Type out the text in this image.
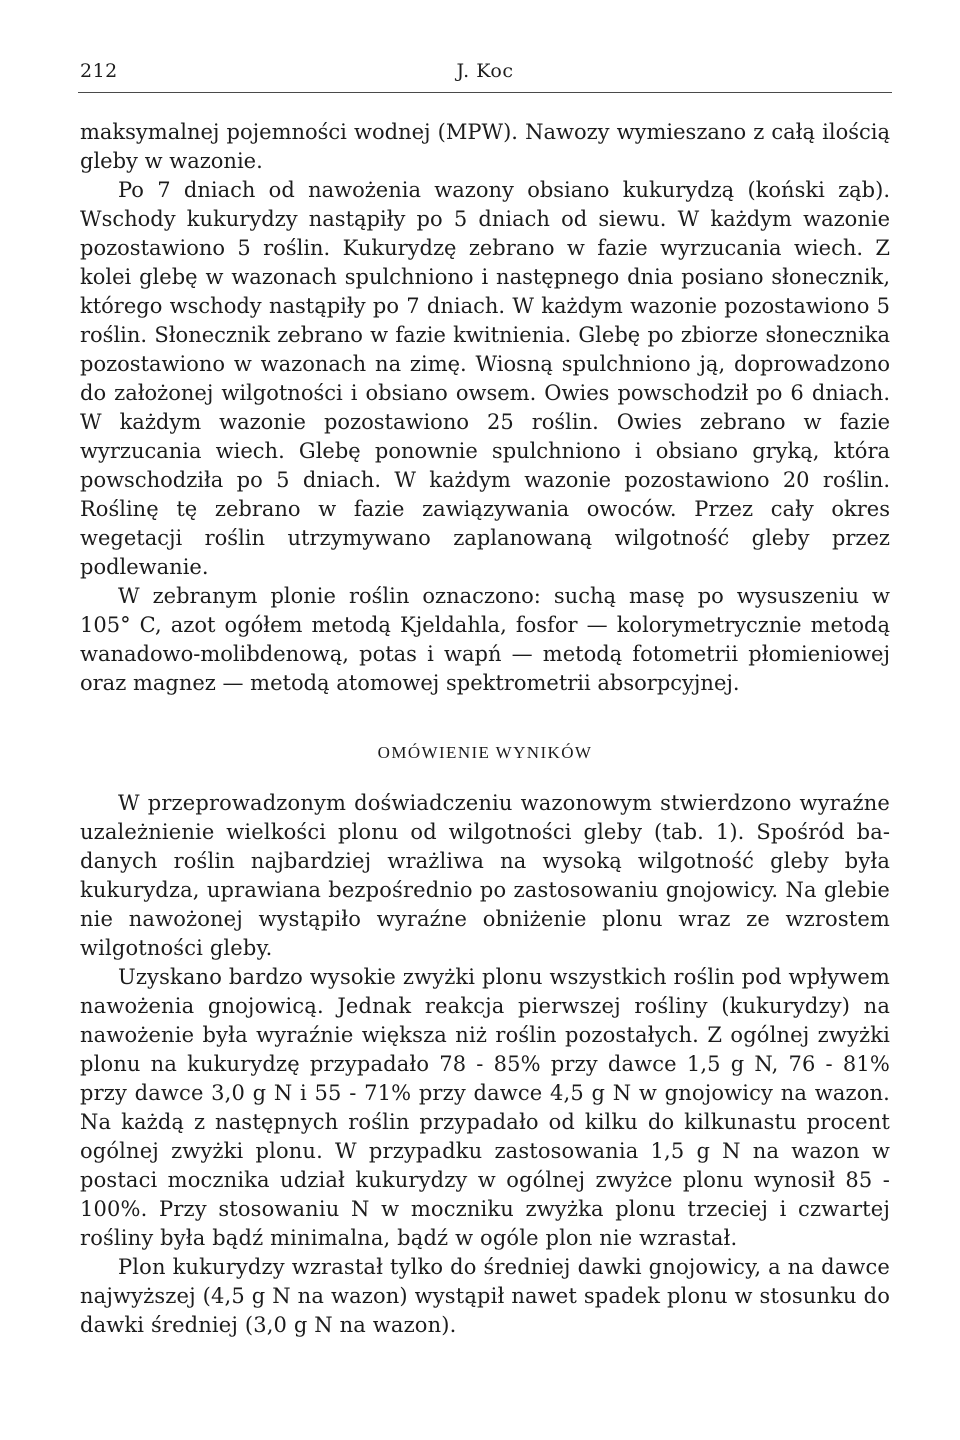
212	J. Koc

maksymalnej pojemności wodnej (MPW). Nawozy wymieszano z całą ilością gleby w wazonie.

Po 7 dniach od nawożenia wazony obsiano kukurydzą (koński ząb). Wschody kukurydzy nastąpiły po 5 dniach od siewu. W każdym wazonie pozostawiono 5 roślin. Kukurydzę zebrano w fazie wyrzucania wiech. Z kolei glebę w wazonach spulchniono i następnego dnia posiano słonecznik, którego wschody nastąpiły po 7 dniach. W każdym wazonie pozostawiono 5 roślin. Słonecznik zebrano w fazie kwitnienia. Glebę po zbiorze słonecznika pozostawiono w wazonach na zimę. Wiosną spulchniono ją, doprowadzono do założonej wilgotności i obsiano owsem. Owies powschodził po 6 dniach. W każdym wazonie pozostawiono 25 roślin. Owies zebrano w fazie wyrzucania wiech. Glebę ponownie spulchniono i obsiano gryką, która powschodziła po 5 dniach. W każdym wazonie pozostawiono 20 roślin. Roślinę tę zebrano w fazie zawiązywania owoców. Przez cały okres wegetacji roślin utrzymywano zaplanowaną wilgotność gleby przez podlewanie.

W zebranym plonie roślin oznaczono: suchą masę po wysuszeniu w 105° C, azot ogółem metodą Kjeldahla, fosfor — kolorymetrycznie metodą wanadowo-molibdenową, potas i wapń — metodą fotometrii płomieniowej oraz magnez — metodą atomowej spektrometrii absorpcyjnej.

OMÓWIENIE WYNIKÓW

W przeprowadzonym doświadczeniu wazonowym stwierdzono wyraźne uzależnienie wielkości plonu od wilgotności gleby (tab. 1). Spośród badanych roślin najbardziej wrażliwa na wysoką wilgotność gleby była kukurydza, uprawiana bezpośrednio po zastosowaniu gnojowicy. Na glebie nie nawożonej wystąpiło wyraźne obniżenie plonu wraz ze wzrostem wilgotności gleby.

Uzyskano bardzo wysokie zwyżki plonu wszystkich roślin pod wpływem nawożenia gnojowicą. Jednak reakcja pierwszej rośliny (kukurydzy) na nawożenie była wyraźnie większa niż roślin pozostałych. Z ogólnej zwyżki plonu na kukurydzę przypadało 78 - 85% przy dawce 1,5 g N, 76 - 81% przy dawce 3,0 g N i 55 - 71% przy dawce 4,5 g N w gnojowicy na wazon. Na każdą z następnych roślin przypadało od kilku do kilkunastu procent ogólnej zwyżki plonu. W przypadku zastosowania 1,5 g N na wazon w postaci mocznika udział kukurydzy w ogólnej zwyżce plonu wynosił 85 - 100%. Przy stosowaniu N w moczniku zwyżka plonu trzeciej i czwartej rośliny była bądź minimalna, bądź w ogóle plon nie wzrastał.

Plon kukurydzy wzrastał tylko do średniej dawki gnojowicy, a na dawce najwyższej (4,5 g N na wazon) wystąpił nawet spadek plonu w stosunku do dawki średniej (3,0 g N na wazon).
